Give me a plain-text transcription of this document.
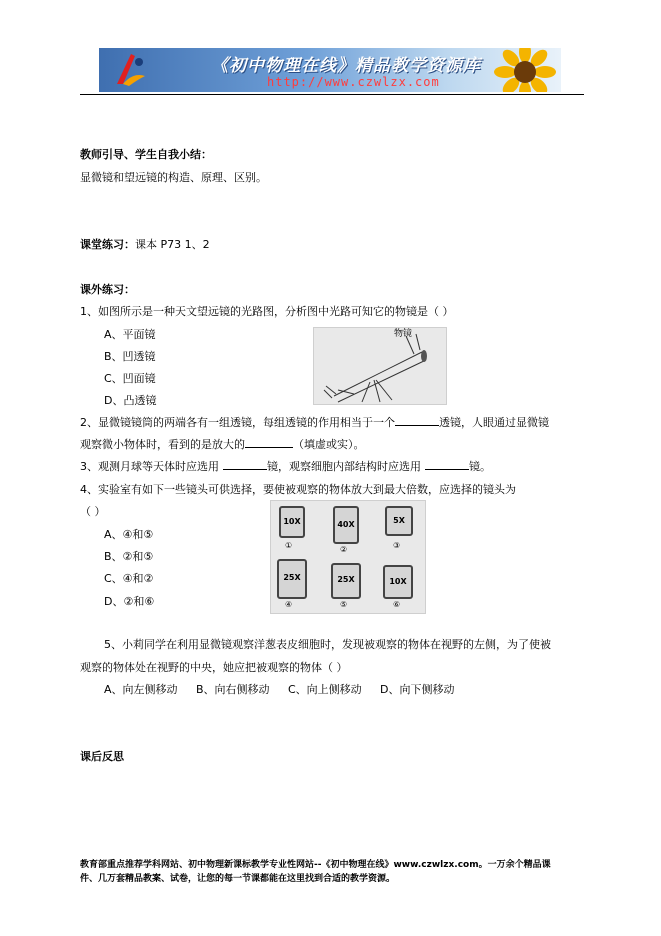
《初中物理在线》精品教学资源库
http://www.czwlzx.com
教师引导、学生自我小结：
显微镜和望远镜的构造、原理、区别。
课堂练习：课本 P73 1、2
课外练习：
1、如图所示是一种天文望远镜的光路图，分析图中光路可知它的物镜是（ ）
A、平面镜
B、凹透镜
C、凹面镜
D、凸透镜
物镜
2、显微镜镜筒的两端各有一组透镜，每组透镜的作用相当于一个	透镜，人眼通过显微镜
观察微小物体时，看到的是放大的	（填虚或实）。
3、观测月球等天体时应选用	镜，观察细胞内部结构时应选用	镜。
4、实验室有如下一些镜头可供选择，要使被观察的物体放大到最大倍数，应选择的镜头为
（ ）
A、④和⑤
B、②和⑤
C、④和②
D、②和⑥
10X
①
40X
②
5X
③
25X
④
25X
⑤
10X
⑥
5、小莉同学在利用显微镜观察洋葱表皮细胞时，发现被观察的物体在视野的左侧，为了使被
观察的物体处在视野的中央，她应把被观察的物体（ ）
A、向左侧移动 B、向右侧移动 C、向上侧移动 D、向下侧移动
课后反思
教育部重点推荐学科网站、初中物理新课标教学专业性网站--《初中物理在线》www.czwlzx.com。一万余个精品课
件、几万套精品教案、试卷，让您的每一节课都能在这里找到合适的教学资源。
